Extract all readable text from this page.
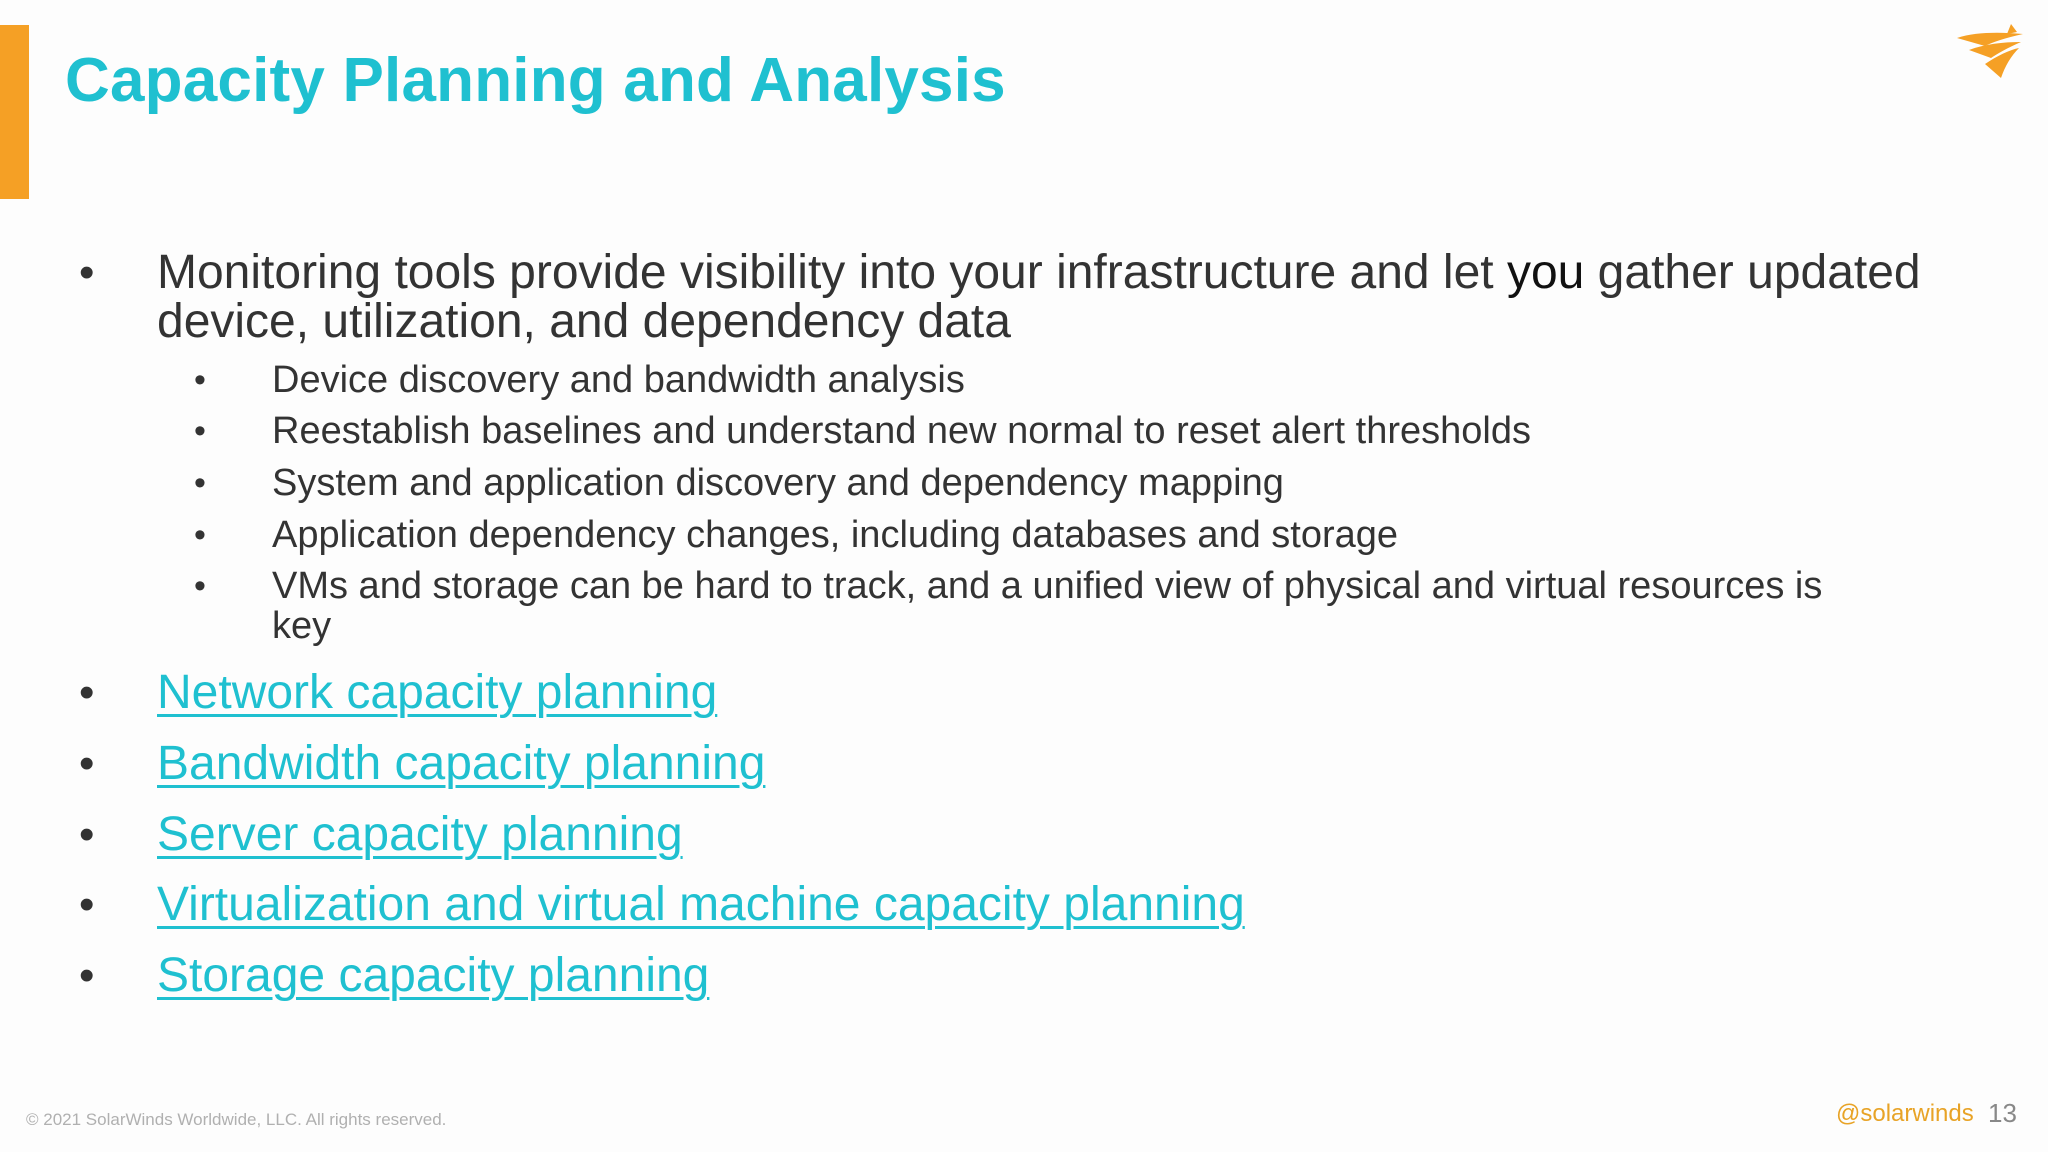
Capacity Planning and Analysis
• Monitoring tools provide visibility into your infrastructure and let you gather updated device, utilization, and dependency data
• Device discovery and bandwidth analysis
• Reestablish baselines and understand new normal to reset alert thresholds
• System and application discovery and dependency mapping
• Application dependency changes, including databases and storage
• VMs and storage can be hard to track, and a unified view of physical and virtual resources is key
• Network capacity planning
• Bandwidth capacity planning
• Server capacity planning
• Virtualization and virtual machine capacity planning
• Storage capacity planning
© 2021 SolarWinds Worldwide, LLC. All rights reserved.	@solarwinds 13
